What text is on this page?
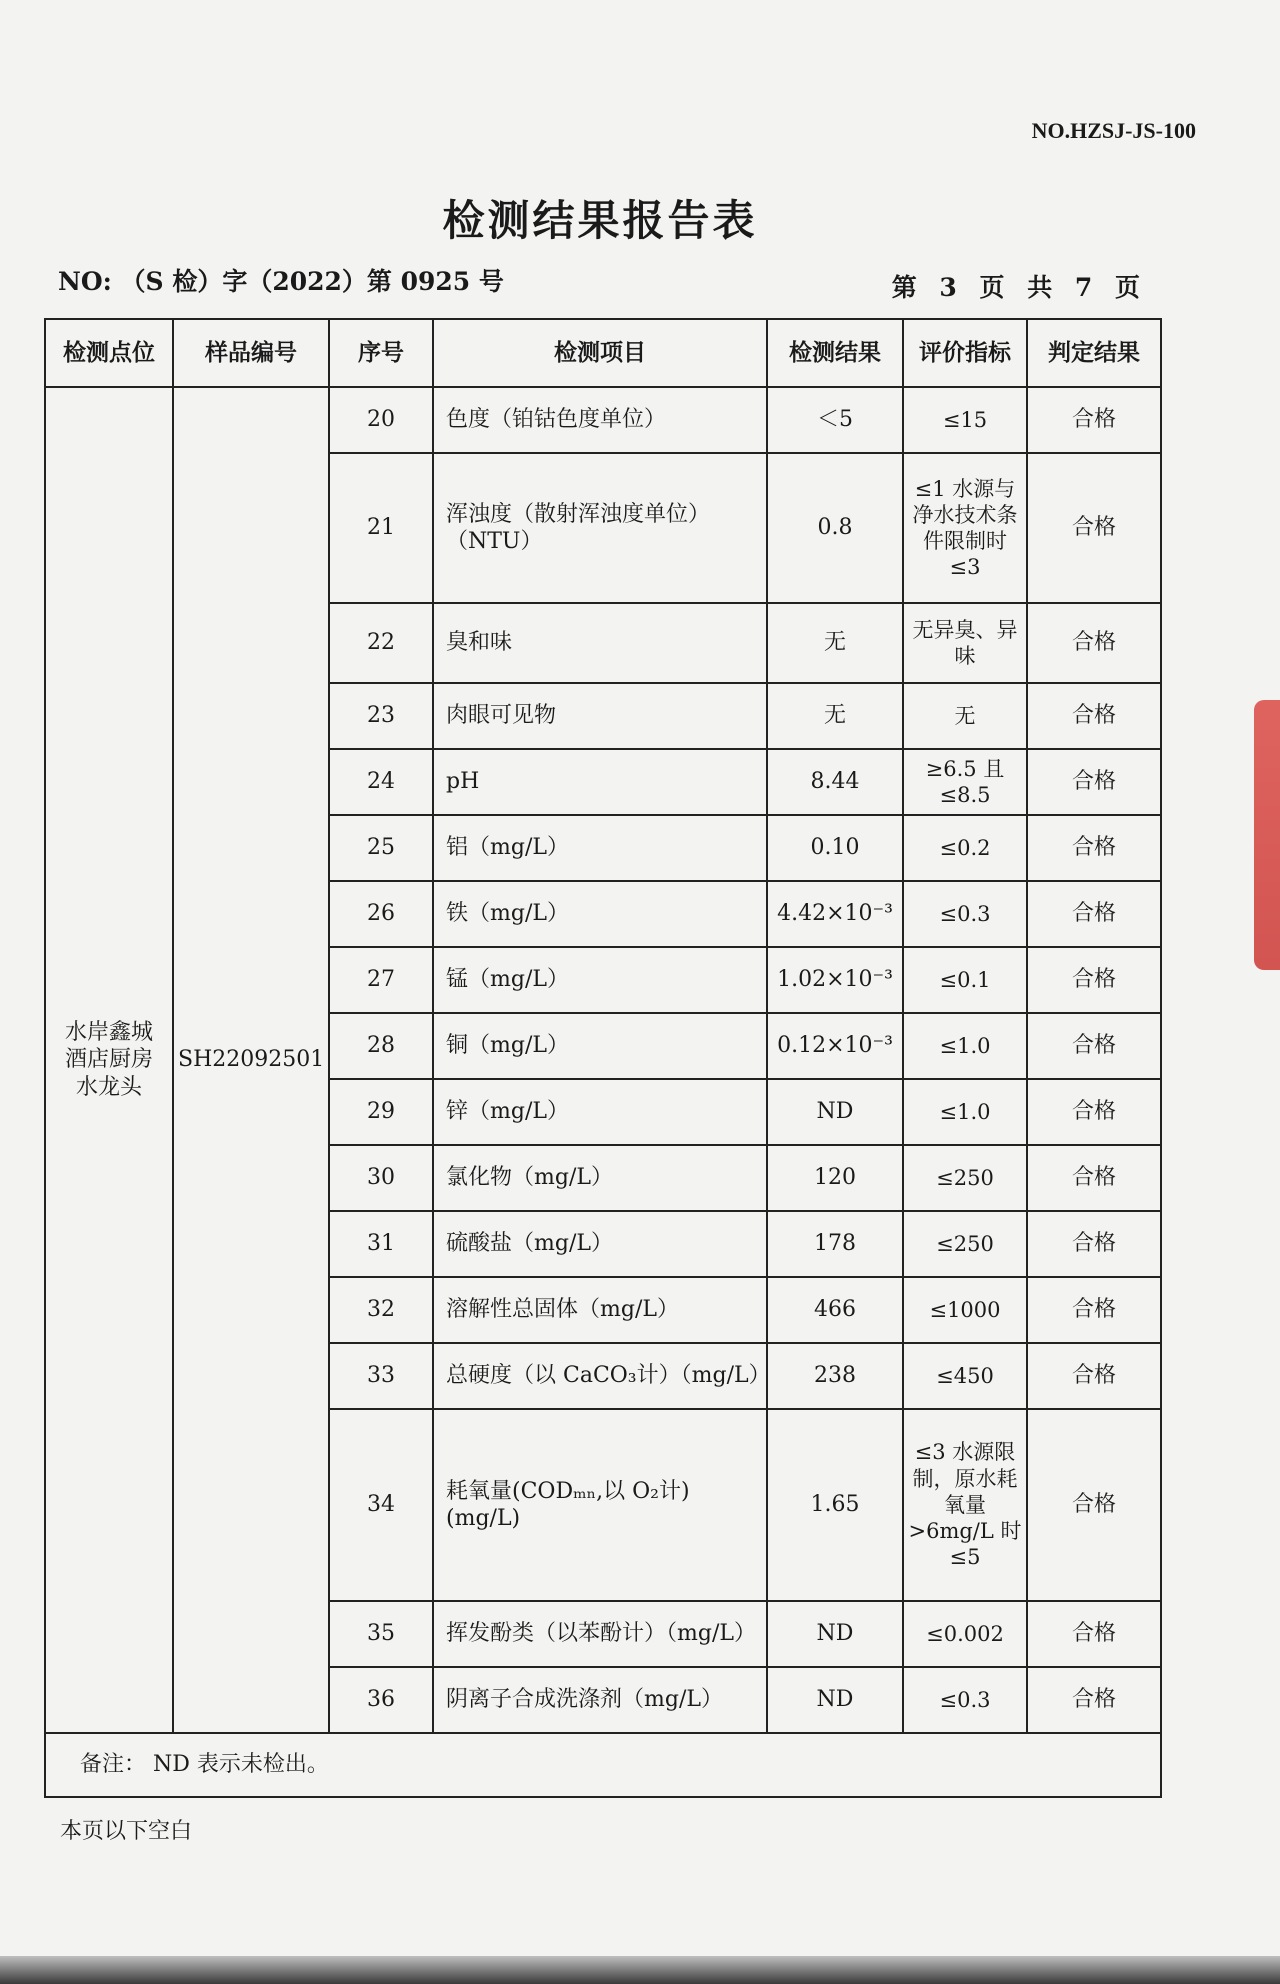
NO.HZSJ-JS-100
检测结果报告表
NO: （S 检）字（2022）第 0925 号	第 3 页 共 7 页
检测点位	样品编号	序号	检测项目	检测结果	评价指标	判定结果
水岸鑫城酒店厨房水龙头	SH22092501	20	色度（铂钴色度单位）	＜5	≤15	合格
		21	浑浊度（散射浑浊度单位）（NTU）	0.8	≤1 水源与净水技术条件限制时≤3	合格
		22	臭和味	无	无异臭、异味	合格
		23	肉眼可见物	无	无	合格
		24	pH	8.44	≥6.5 且≤8.5	合格
		25	铝（mg/L）	0.10	≤0.2	合格
		26	铁（mg/L）	4.42×10⁻³	≤0.3	合格
		27	锰（mg/L）	1.02×10⁻³	≤0.1	合格
		28	铜（mg/L）	0.12×10⁻³	≤1.0	合格
		29	锌（mg/L）	ND	≤1.0	合格
		30	氯化物（mg/L）	120	≤250	合格
		31	硫酸盐（mg/L）	178	≤250	合格
		32	溶解性总固体（mg/L）	466	≤1000	合格
		33	总硬度（以 CaCO₃计）（mg/L）	238	≤450	合格
		34	耗氧量(CODₘₙ,以 O₂计)(mg/L)	1.65	≤3 水源限制，原水耗氧量>6mg/L 时≤5	合格
		35	挥发酚类（以苯酚计）（mg/L）	ND	≤0.002	合格
		36	阴离子合成洗涤剂（mg/L）	ND	≤0.3	合格
备注： ND 表示未检出。						
本页以下空白
